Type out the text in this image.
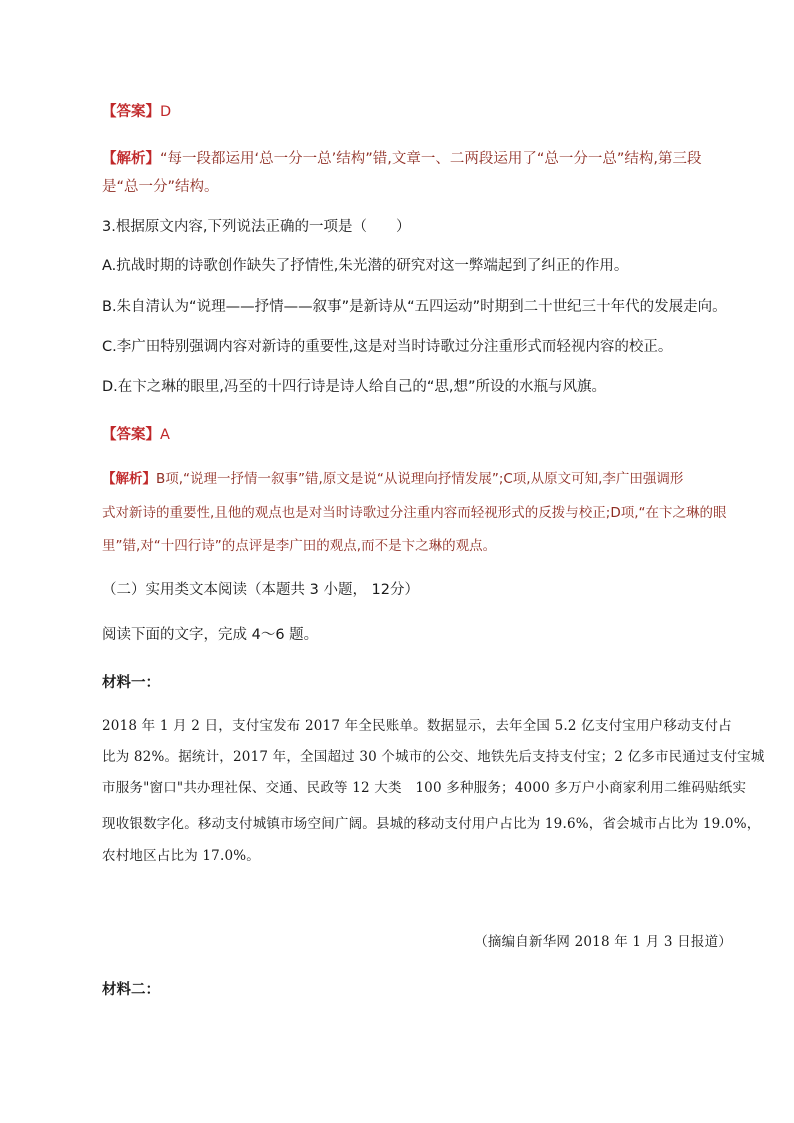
【答案】D
【解析】“每一段都运用‘总一分一总’结构”错,文章一、二两段运用了“总一分一总”结构,第三段
是“总一分”结构。
3.根据原文内容,下列说法正确的一项是（　　）
A.抗战时期的诗歌创作缺失了抒情性,朱光潜的研究对这一弊端起到了纠正的作用。
B.朱自清认为“说理——抒情——叙事”是新诗从“五四运动”时期到二十世纪三十年代的发展走向。
C.李广田特别强调内容对新诗的重要性,这是对当时诗歌过分注重形式而轻视内容的校正。
D.在卞之琳的眼里,冯至的十四行诗是诗人给自己的“思,想”所设的水瓶与风旗。
【答案】A
【解析】B项,“说理一抒情一叙事”错,原文是说“从说理向抒情发展”;C项,从原文可知,李广田强调形
式对新诗的重要性,且他的观点也是对当时诗歌过分注重内容而轻视形式的反拨与校正;D项,“在卞之琳的眼
里”错,对“十四行诗”的点评是李广田的观点,而不是卞之琳的观点。
（二）实用类文本阅读（本题共 3 小题， 12分）
阅读下面的文字，完成 4～6 题。
材料一：
2018 年 1 月 2 日，支付宝发布 2017 年全民账单。数据显示，去年全国 5.2 亿支付宝用户移动支付占
比为 82%。据统计，2017 年，全国超过 30 个城市的公交、地铁先后支持支付宝；2 亿多市民通过支付宝城
市服务"窗口"共办理社保、交通、民政等 12 大类　100 多种服务；4000 多万户小商家利用二维码贴纸实
现收银数字化。移动支付城镇市场空间广阔。县城的移动支付用户占比为 19.6%，省会城市占比为 19.0%，
农村地区占比为 17.0%。
（摘编自新华网 2018 年 1 月 3 日报道）
材料二：
